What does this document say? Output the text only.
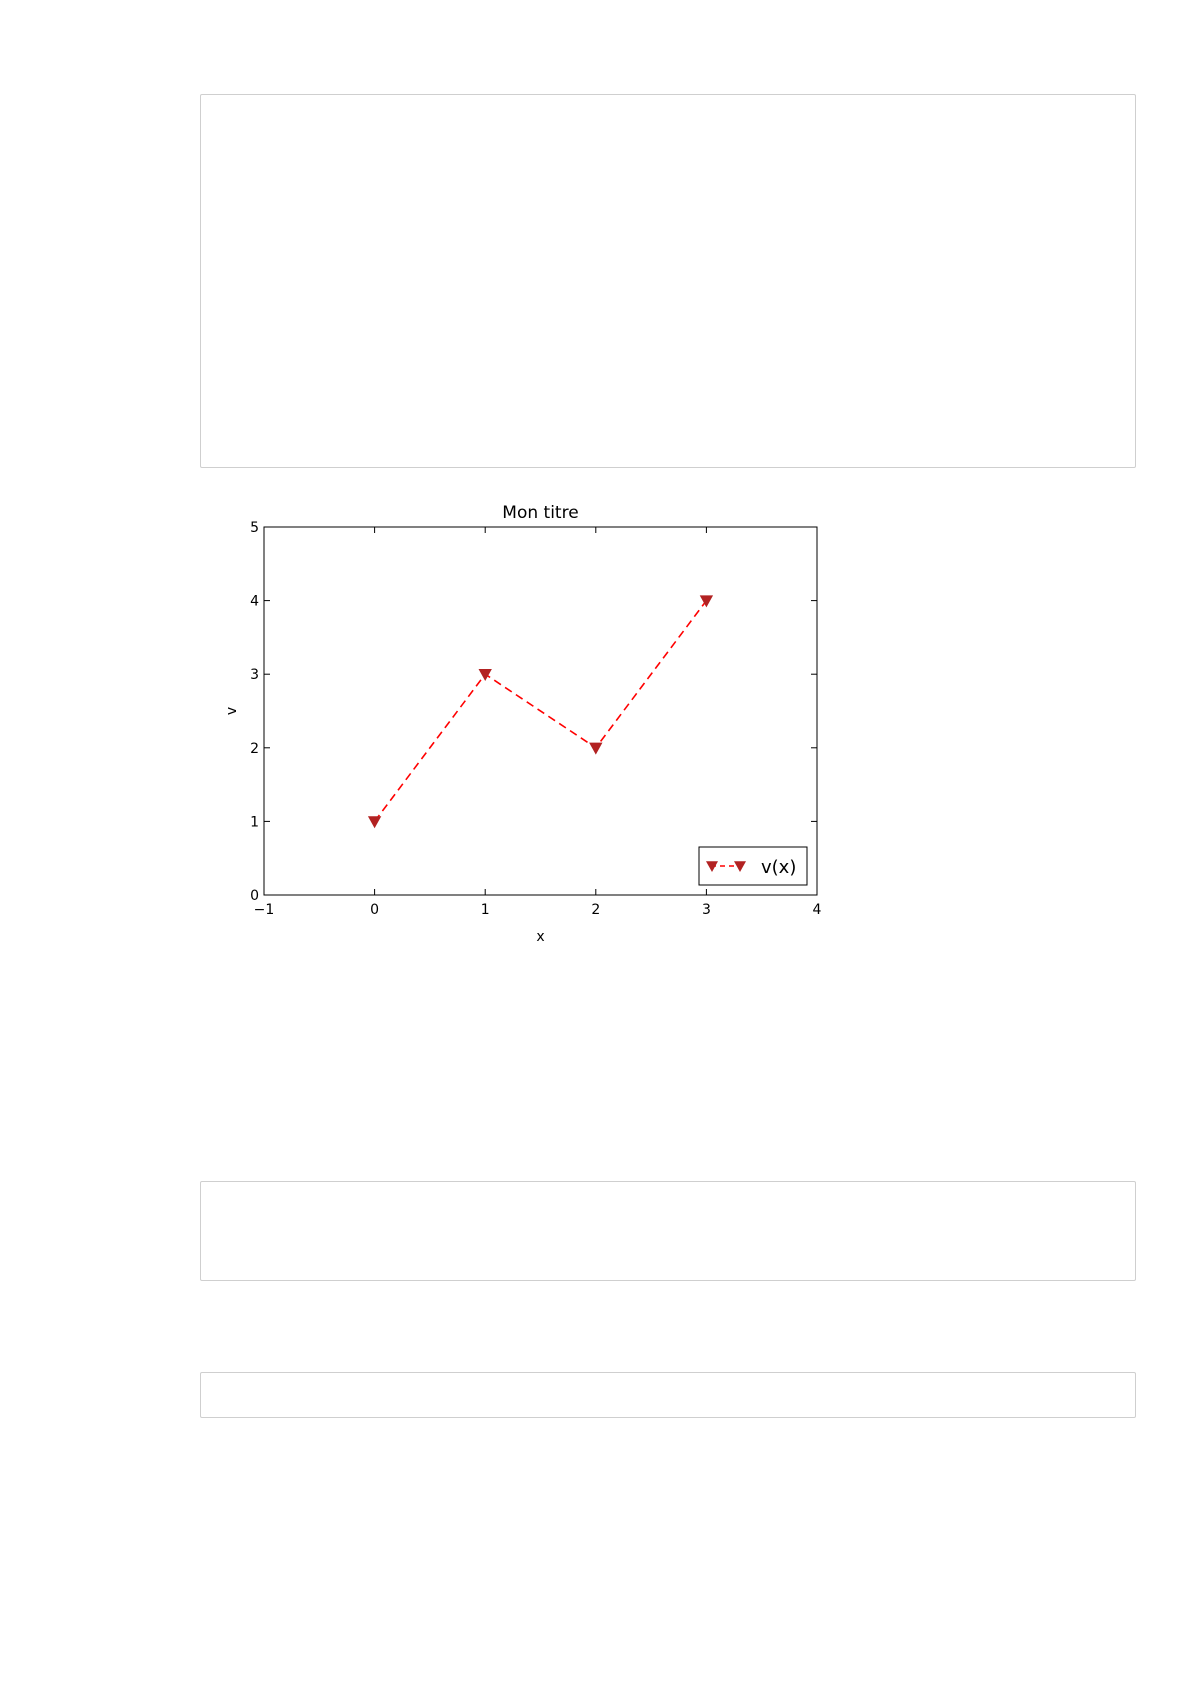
Mon titre
−1	0	1	2	3	4
0
1
2
3
4
5
x
v
v(x)
